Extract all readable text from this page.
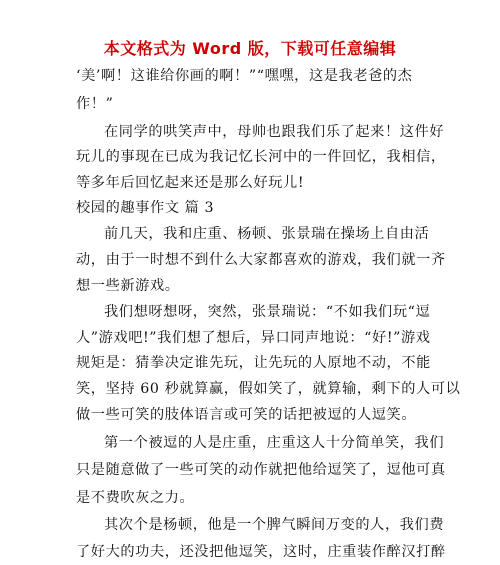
本文格式为 Word 版，下载可任意编辑
‘美’啊！这谁给你画的啊！”“嘿嘿，这是我老爸的杰
作！”
在同学的哄笑声中，母帅也跟我们乐了起来！这件好
玩儿的事现在已成为我记忆长河中的一件回忆，我相信，
等多年后回忆起来还是那么好玩儿!
校园的趣事作文 篇 3
前几天，我和庄重、杨顿、张景瑞在操场上自由活
动，由于一时想不到什么大家都喜欢的游戏，我们就一齐
想一些新游戏。
我们想呀想呀，突然，张景瑞说：“不如我们玩“逗
人”游戏吧!”我们想了想后，异口同声地说：“好!”游戏
规矩是：猜拳决定谁先玩，让先玩的人原地不动，不能
笑，坚持 60 秒就算赢，假如笑了，就算输，剩下的人可以
做一些可笑的肢体语言或可笑的话把被逗的人逗笑。
第一个被逗的人是庄重，庄重这人十分简单笑，我们
只是随意做了一些可笑的动作就把他给逗笑了，逗他可真
是不费吹灰之力。
其次个是杨顿，他是一个脾气瞬间万变的人，我们费
了好大的功夫，还没把他逗笑，这时，庄重装作醉汉打醉
